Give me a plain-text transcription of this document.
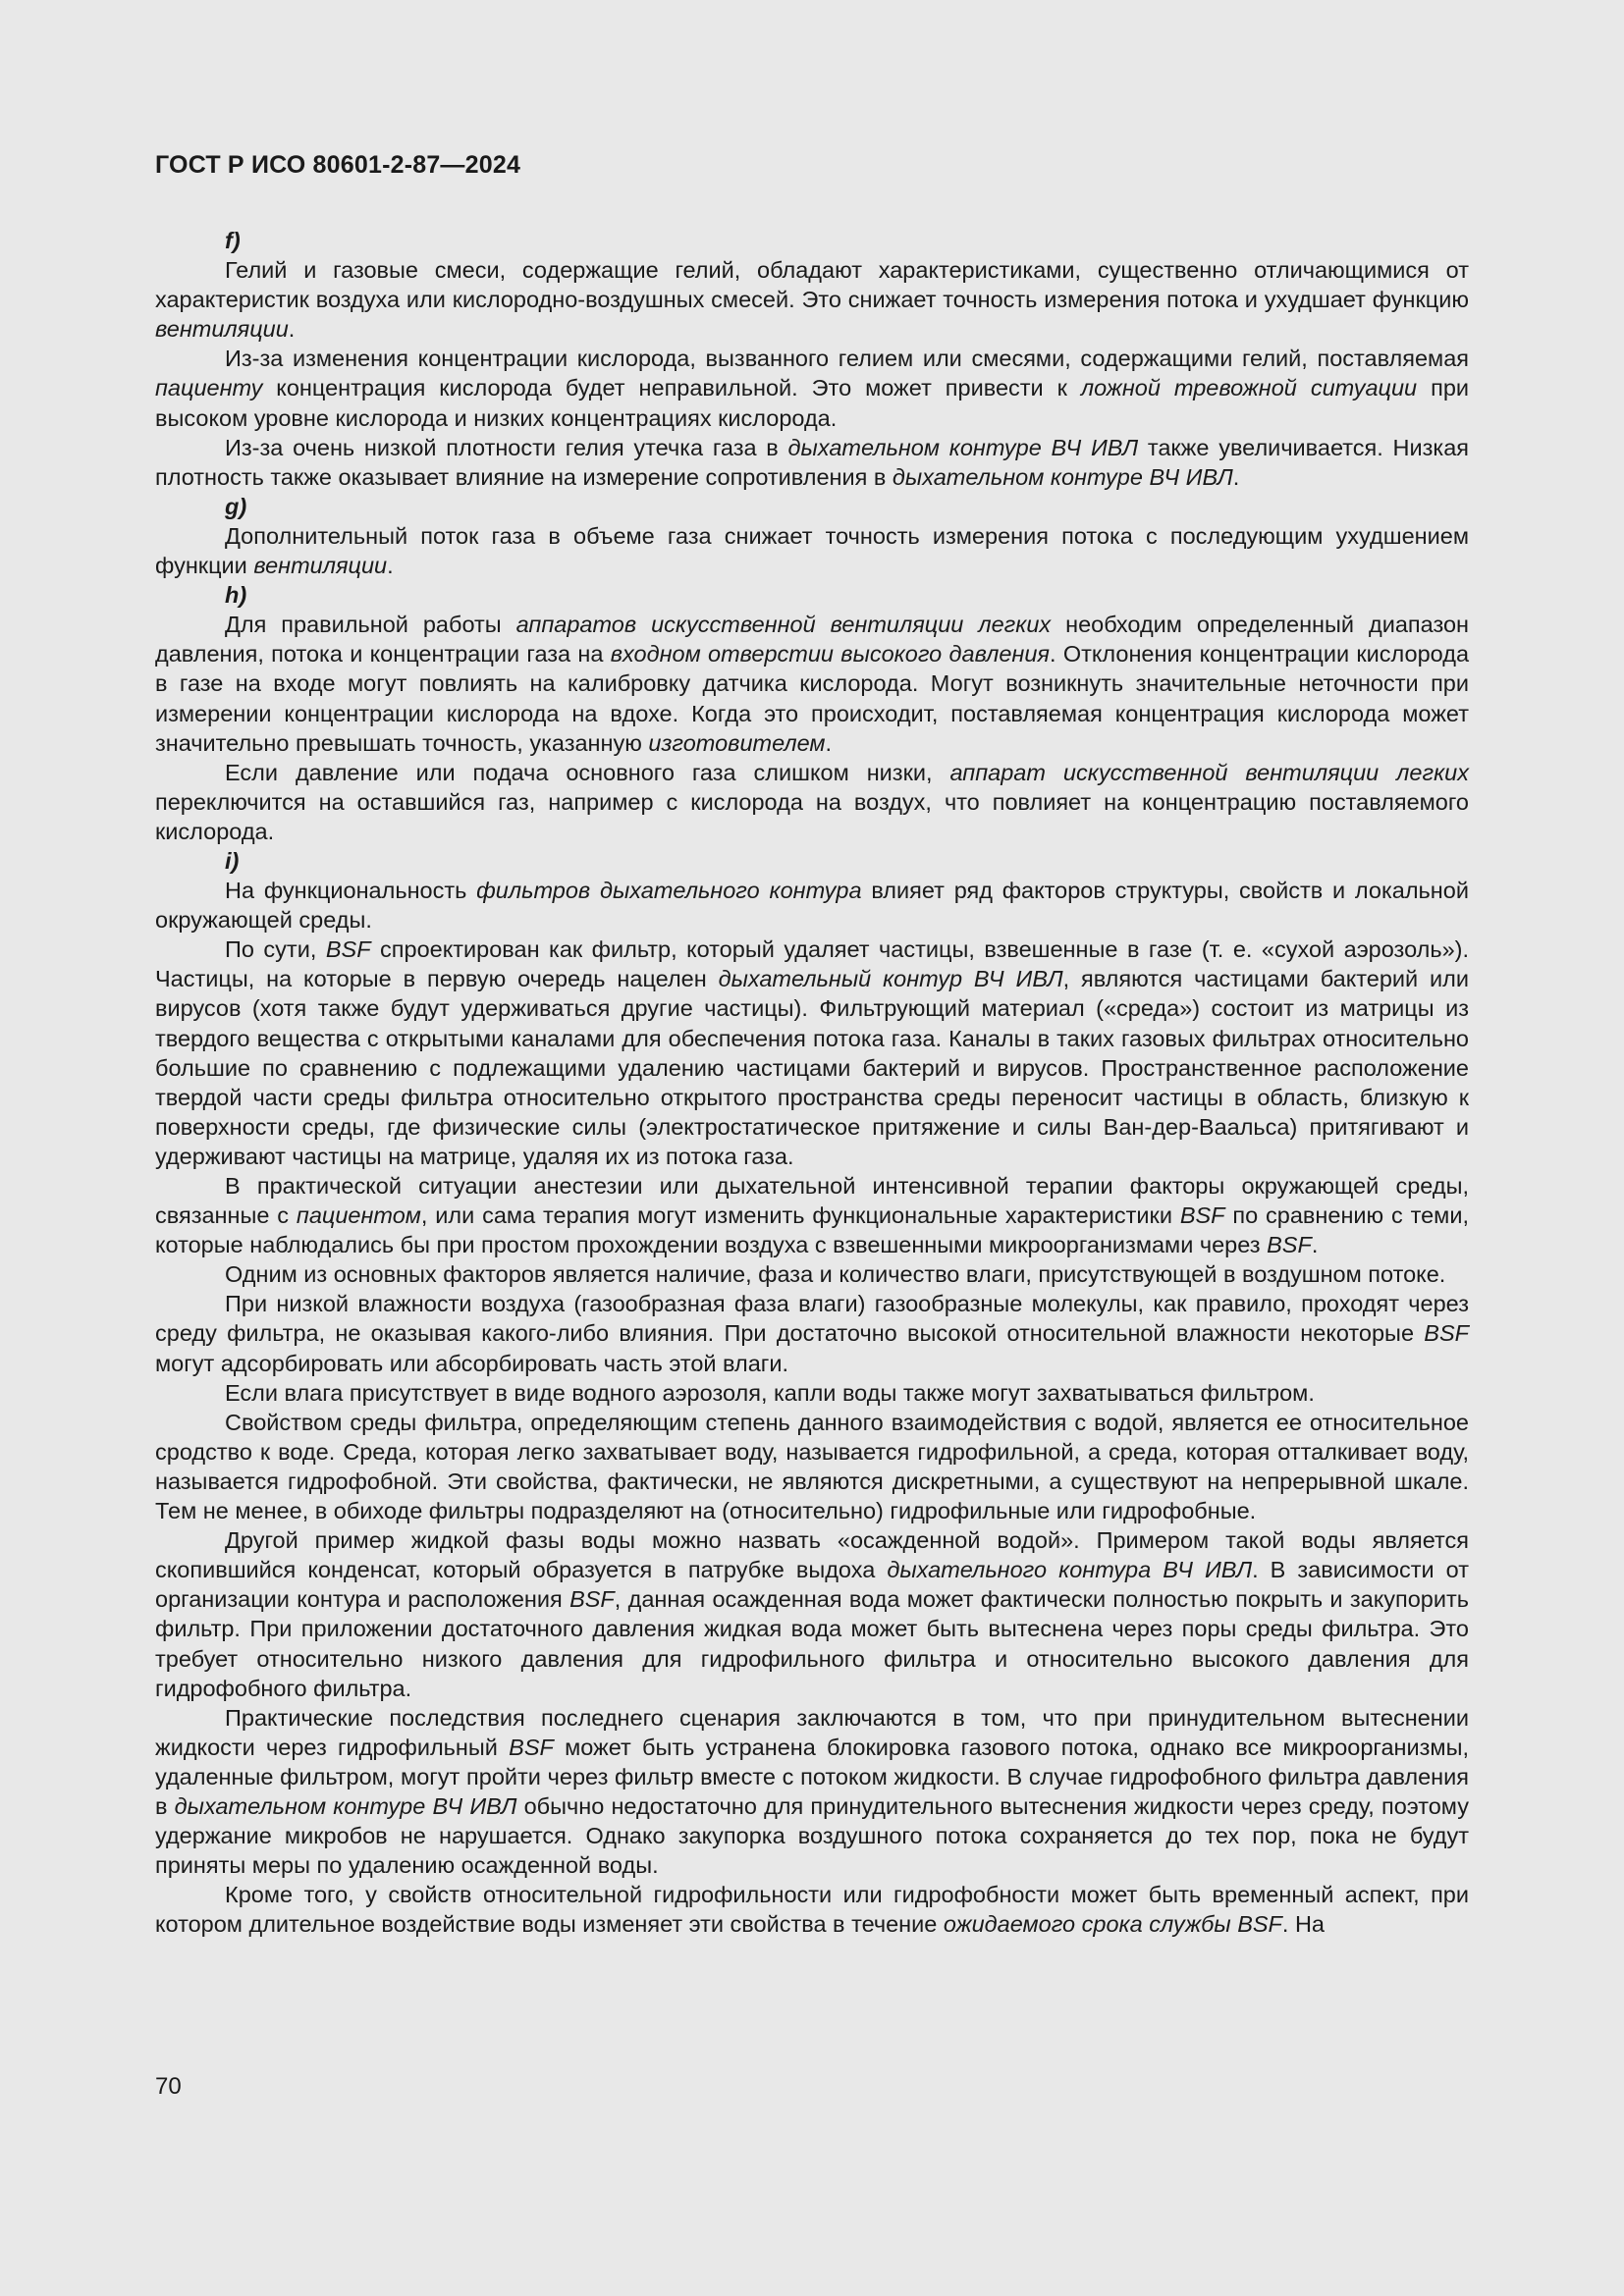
ГОСТ Р ИСО 80601-2-87—2024

f)

Гелий и газовые смеси, содержащие гелий, обладают характеристиками, существенно отличающимися от характеристик воздуха или кислородно-воздушных смесей. Это снижает точность измерения потока и ухудшает функцию вентиляции.

Из-за изменения концентрации кислорода, вызванного гелием или смесями, содержащими гелий, поставляемая пациенту концентрация кислорода будет неправильной. Это может привести к ложной тревожной ситуации при высоком уровне кислорода и низких концентрациях кислорода.

Из-за очень низкой плотности гелия утечка газа в дыхательном контуре ВЧ ИВЛ также увеличивается. Низкая плотность также оказывает влияние на измерение сопротивления в дыхательном контуре ВЧ ИВЛ.

g)

Дополнительный поток газа в объеме газа снижает точность измерения потока с последующим ухудшением функции вентиляции.

h)

Для правильной работы аппаратов искусственной вентиляции легких необходим определенный диапазон давления, потока и концентрации газа на входном отверстии высокого давления. Отклонения концентрации кислорода в газе на входе могут повлиять на калибровку датчика кислорода. Могут возникнуть значительные неточности при измерении концентрации кислорода на вдохе. Когда это происходит, поставляемая концентрация кислорода может значительно превышать точность, указанную изготовителем.

Если давление или подача основного газа слишком низки, аппарат искусственной вентиляции легких переключится на оставшийся газ, например с кислорода на воздух, что повлияет на концентрацию поставляемого кислорода.

i)

На функциональность фильтров дыхательного контура влияет ряд факторов структуры, свойств и локальной окружающей среды.

По сути, BSF спроектирован как фильтр, который удаляет частицы, взвешенные в газе (т. е. «сухой аэрозоль»). Частицы, на которые в первую очередь нацелен дыхательный контур ВЧ ИВЛ, являются частицами бактерий или вирусов (хотя также будут удерживаться другие частицы). Фильтрующий материал («среда») состоит из матрицы из твердого вещества с открытыми каналами для обеспечения потока газа. Каналы в таких газовых фильтрах относительно большие по сравнению с подлежащими удалению частицами бактерий и вирусов. Пространственное расположение твердой части среды фильтра относительно открытого пространства среды переносит частицы в область, близкую к поверхности среды, где физические силы (электростатическое притяжение и силы Ван-дер-Ваальса) притягивают и удерживают частицы на матрице, удаляя их из потока газа.

В практической ситуации анестезии или дыхательной интенсивной терапии факторы окружающей среды, связанные с пациентом, или сама терапия могут изменить функциональные характеристики BSF по сравнению с теми, которые наблюдались бы при простом прохождении воздуха с взвешенными микроорганизмами через BSF.

Одним из основных факторов является наличие, фаза и количество влаги, присутствующей в воздушном потоке.

При низкой влажности воздуха (газообразная фаза влаги) газообразные молекулы, как правило, проходят через среду фильтра, не оказывая какого-либо влияния. При достаточно высокой относительной влажности некоторые BSF могут адсорбировать или абсорбировать часть этой влаги.

Если влага присутствует в виде водного аэрозоля, капли воды также могут захватываться фильтром.

Свойством среды фильтра, определяющим степень данного взаимодействия с водой, является ее относительное сродство к воде. Среда, которая легко захватывает воду, называется гидрофильной, а среда, которая отталкивает воду, называется гидрофобной. Эти свойства, фактически, не являются дискретными, а существуют на непрерывной шкале. Тем не менее, в обиходе фильтры подразделяют на (относительно) гидрофильные или гидрофобные.

Другой пример жидкой фазы воды можно назвать «осажденной водой». Примером такой воды является скопившийся конденсат, который образуется в патрубке выдоха дыхательного контура ВЧ ИВЛ. В зависимости от организации контура и расположения BSF, данная осажденная вода может фактически полностью покрыть и закупорить фильтр. При приложении достаточного давления жидкая вода может быть вытеснена через поры среды фильтра. Это требует относительно низкого давления для гидрофильного фильтра и относительно высокого давления для гидрофобного фильтра.

Практические последствия последнего сценария заключаются в том, что при принудительном вытеснении жидкости через гидрофильный BSF может быть устранена блокировка газового потока, однако все микроорганизмы, удаленные фильтром, могут пройти через фильтр вместе с потоком жидкости. В случае гидрофобного фильтра давления в дыхательном контуре ВЧ ИВЛ обычно недостаточно для принудительного вытеснения жидкости через среду, поэтому удержание микробов не нарушается. Однако закупорка воздушного потока сохраняется до тех пор, пока не будут приняты меры по удалению осажденной воды.

Кроме того, у свойств относительной гидрофильности или гидрофобности может быть временный аспект, при котором длительное воздействие воды изменяет эти свойства в течение ожидаемого срока службы BSF. На

70
